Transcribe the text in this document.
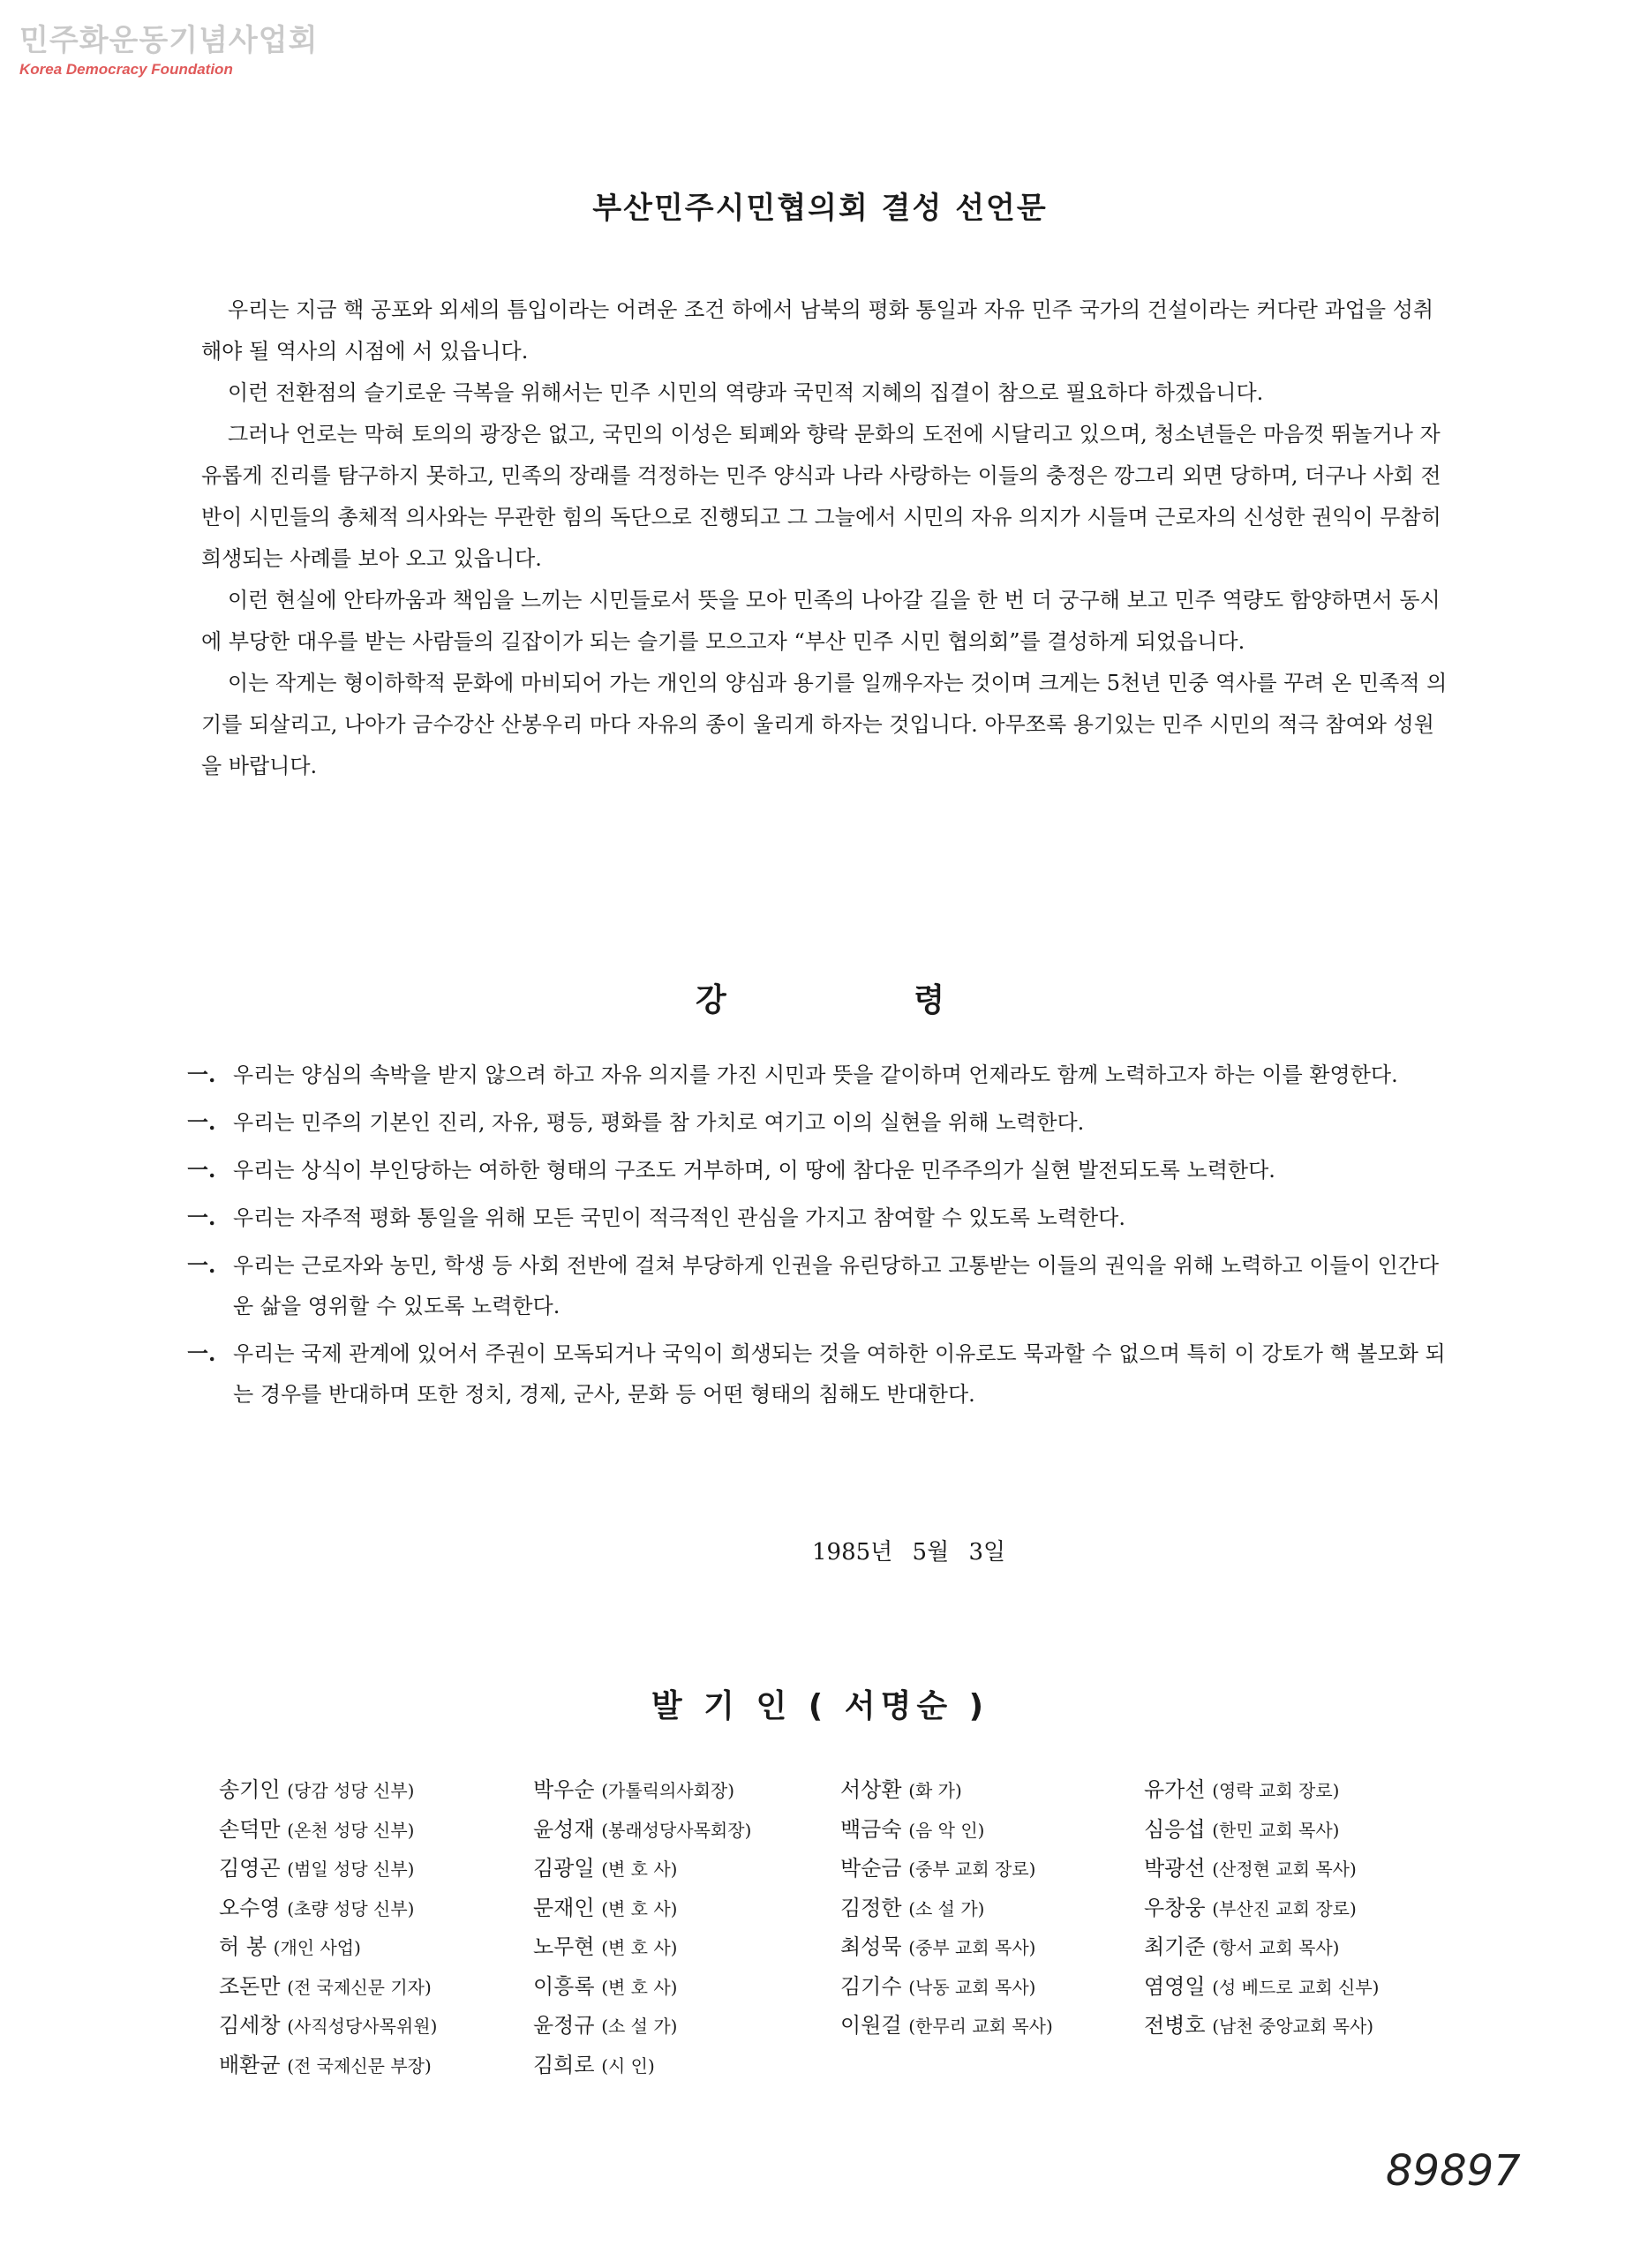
민주화운동기념사업회
Korea Democracy Foundation
부산민주시민협의회 결성 선언문

우리는 지금 핵 공포와 외세의 틈입이라는 어려운 조건 하에서 남북의 평화 통일과 자유 민주 국가의 건설이라는 커다란 과업을 성취해야 될 역사의 시점에 서 있읍니다.

이런 전환점의 슬기로운 극복을 위해서는 민주 시민의 역량과 국민적 지혜의 집결이 참으로 필요하다 하겠읍니다.

그러나 언로는 막혀 토의의 광장은 없고, 국민의 이성은 퇴폐와 향락 문화의 도전에 시달리고 있으며, 청소년들은 마음껏 뛰놀거나 자유롭게 진리를 탐구하지 못하고, 민족의 장래를 걱정하는 민주 양식과 나라 사랑하는 이들의 충정은 깡그리 외면 당하며, 더구나 사회 전반이 시민들의 총체적 의사와는 무관한 힘의 독단으로 진행되고 그 그늘에서 시민의 자유 의지가 시들며 근로자의 신성한 권익이 무참히 희생되는 사례를 보아 오고 있읍니다.

이런 현실에 안타까움과 책임을 느끼는 시민들로서 뜻을 모아 민족의 나아갈 길을 한 번 더 궁구해 보고 민주 역량도 함양하면서 동시에 부당한 대우를 받는 사람들의 길잡이가 되는 슬기를 모으고자 “부산 민주 시민 협의회”를 결성하게 되었읍니다.

이는 작게는 형이하학적 문화에 마비되어 가는 개인의 양심과 용기를 일깨우자는 것이며 크게는 5천년 민중 역사를 꾸려 온 민족적 의기를 되살리고, 나아가 금수강산 산봉우리 마다 자유의 종이 울리게 하자는 것입니다. 아무쪼록 용기있는 민주 시민의 적극 참여와 성원을 바랍니다.

강 령
一. 우리는 양심의 속박을 받지 않으려 하고 자유 의지를 가진 시민과 뜻을 같이하며 언제라도 함께 노력하고자 하는 이를 환영한다.
一. 우리는 민주의 기본인 진리, 자유, 평등, 평화를 참 가치로 여기고 이의 실현을 위해 노력한다.
一. 우리는 상식이 부인당하는 여하한 형태의 구조도 거부하며, 이 땅에 참다운 민주주의가 실현 발전되도록 노력한다.
一. 우리는 자주적 평화 통일을 위해 모든 국민이 적극적인 관심을 가지고 참여할 수 있도록 노력한다.
一. 우리는 근로자와 농민, 학생 등 사회 전반에 걸쳐 부당하게 인권을 유린당하고 고통받는 이들의 권익을 위해 노력하고 이들이 인간다운 삶을 영위할 수 있도록 노력한다.
一. 우리는 국제 관계에 있어서 주권이 모독되거나 국익이 희생되는 것을 여하한 이유로도 묵과할 수 없으며 특히 이 강토가 핵 볼모화 되는 경우를 반대하며 또한 정치, 경제, 군사, 문화 등 어떤 형태의 침해도 반대한다.
1985년 5월 3일
발 기 인 ( 서명순 )
송기인 (당감 성당 신부)	박우순 (가톨릭의사회장)	서상환 (화 가)	유가선 (영락 교회 장로)
손덕만 (온천 성당 신부)	윤성재 (봉래성당사목회장)	백금숙 (음 악 인)	심응섭 (한민 교회 목사)
김영곤 (범일 성당 신부)	김광일 (변 호 사)	박순금 (중부 교회 장로)	박광선 (산정현 교회 목사)
오수영 (초량 성당 신부)	문재인 (변 호 사)	김정한 (소 설 가)	우창웅 (부산진 교회 장로)
허 봉 (개인 사업)	노무현 (변 호 사)	최성묵 (중부 교회 목사)	최기준 (항서 교회 목사)
조돈만 (전 국제신문 기자)	이흥록 (변 호 사)	김기수 (낙동 교회 목사)	염영일 (성 베드로 교회 신부)
김세창 (사직성당사목위원)	윤정규 (소 설 가)	이원걸 (한무리 교회 목사)	전병호 (남천 중앙교회 목사)
배환균 (전 국제신문 부장)	김희로 (시 인)
89897
